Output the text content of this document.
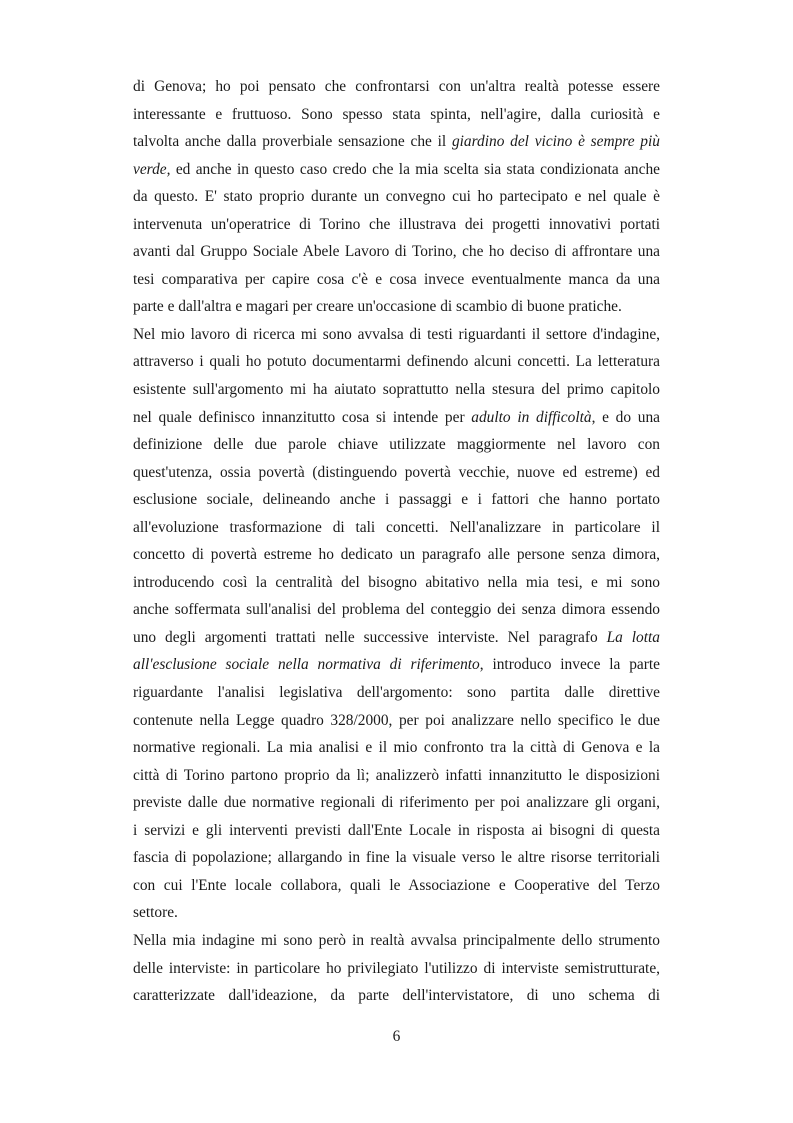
di Genova; ho poi pensato che confrontarsi con un'altra realtà potesse essere
interessante e fruttuoso. Sono spesso stata spinta, nell'agire, dalla curiosità e
talvolta anche dalla proverbiale sensazione che il giardino del vicino è sempre più
verde, ed anche in questo caso credo che la mia scelta sia stata condizionata anche
da questo. E' stato proprio durante un convegno cui ho partecipato e nel quale è
intervenuta un'operatrice di Torino che illustrava dei progetti innovativi portati
avanti dal Gruppo Sociale Abele Lavoro di Torino, che ho deciso di affrontare una
tesi comparativa per capire cosa c'è e cosa invece eventualmente manca da una
parte e dall'altra e magari per creare un'occasione di scambio di buone pratiche.
Nel mio lavoro di ricerca mi sono avvalsa di testi riguardanti il settore d'indagine,
attraverso i quali ho potuto documentarmi definendo alcuni concetti. La letteratura
esistente sull'argomento mi ha aiutato soprattutto nella stesura del primo capitolo
nel quale definisco innanzitutto cosa si intende per adulto in difficoltà, e do una
definizione delle due parole chiave utilizzate maggiormente nel lavoro con
quest'utenza, ossia povertà (distinguendo povertà vecchie, nuove ed estreme) ed
esclusione sociale, delineando anche i passaggi e i fattori che hanno portato
all'evoluzione trasformazione di tali concetti. Nell'analizzare in particolare il
concetto di povertà estreme ho dedicato un paragrafo alle persone senza dimora,
introducendo così la centralità del bisogno abitativo nella mia tesi, e mi sono
anche soffermata sull'analisi del problema del conteggio dei senza dimora essendo
uno degli argomenti trattati nelle successive interviste. Nel paragrafo La lotta
all'esclusione sociale nella normativa di riferimento, introduco invece la parte
riguardante l'analisi legislativa dell'argomento: sono partita dalle direttive
contenute nella Legge quadro 328/2000, per poi analizzare nello specifico le due
normative regionali. La mia analisi e il mio confronto tra la città di Genova e la
città di Torino partono proprio da lì; analizzerò infatti innanzitutto le disposizioni
previste dalle due normative regionali di riferimento per poi analizzare gli organi,
i servizi e gli interventi previsti dall'Ente Locale in risposta ai bisogni di questa
fascia di popolazione; allargando in fine la visuale verso le altre risorse territoriali
con cui l'Ente locale collabora, quali le Associazione e Cooperative del Terzo
settore.
Nella mia indagine mi sono però in realtà avvalsa principalmente dello strumento
delle interviste: in particolare ho privilegiato l'utilizzo di interviste semistrutturate,
caratterizzate dall'ideazione, da parte dell'intervistatore, di uno schema di
6
